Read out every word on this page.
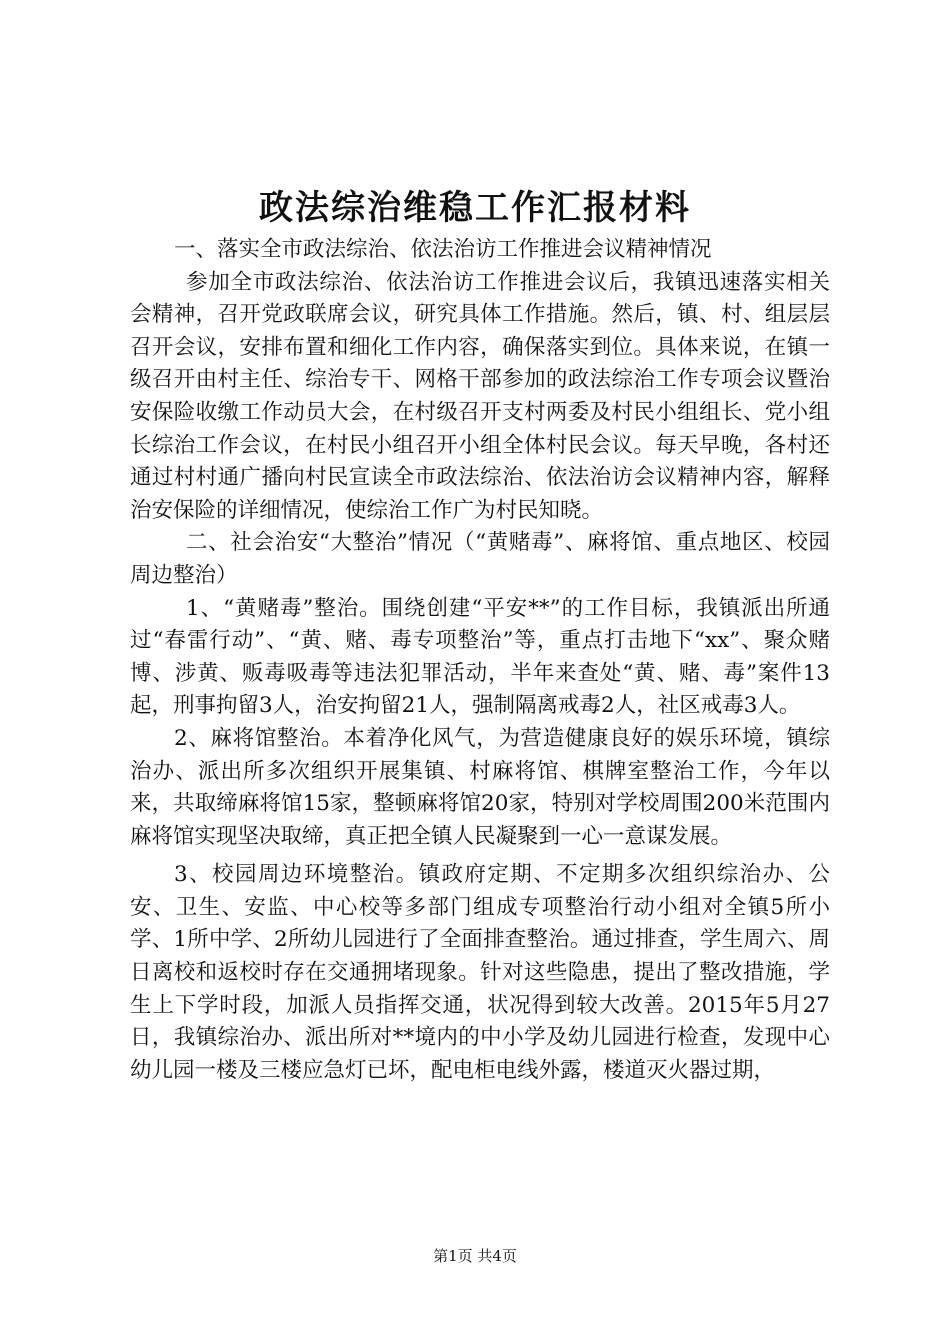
政法综治维稳工作汇报材料

一、落实全市政法综治、依法治访工作推进会议精神情况

参加全市政法综治、依法治访工作推进会议后，我镇迅速落实相关会精神，召开党政联席会议，研究具体工作措施。然后，镇、村、组层层召开会议，安排布置和细化工作内容，确保落实到位。具体来说，在镇一级召开由村主任、综治专干、网格干部参加的政法综治工作专项会议暨治安保险收缴工作动员大会，在村级召开支村两委及村民小组组长、党小组长综治工作会议，在村民小组召开小组全体村民会议。每天早晚，各村还通过村村通广播向村民宣读全市政法综治、依法治访会议精神内容，解释治安保险的详细情况，使综治工作广为村民知晓。

二、社会治安“大整治”情况（“黄赌毒”、麻将馆、重点地区、校园周边整治）

1、“黄赌毒”整治。围绕创建“平安**”的工作目标，我镇派出所通过“春雷行动”、“黄、赌、毒专项整治”等，重点打击地下“xx”、聚众赌博、涉黄、贩毒吸毒等违法犯罪活动，半年来查处“黄、赌、毒”案件13起，刑事拘留3人，治安拘留21人，强制隔离戒毒2人，社区戒毒3人。

2、麻将馆整治。本着净化风气，为营造健康良好的娱乐环境，镇综治办、派出所多次组织开展集镇、村麻将馆、棋牌室整治工作，今年以来，共取缔麻将馆15家，整顿麻将馆20家，特别对学校周围200米范围内麻将馆实现坚决取缔，真正把全镇人民凝聚到一心一意谋发展。

3、校园周边环境整治。镇政府定期、不定期多次组织综治办、公安、卫生、安监、中心校等多部门组成专项整治行动小组对全镇5所小学、1所中学、2所幼儿园进行了全面排查整治。通过排查，学生周六、周日离校和返校时存在交通拥堵现象。针对这些隐患，提出了整改措施，学生上下学时段，加派人员指挥交通，状况得到较大改善。2015年5月27日，我镇综治办、派出所对**境内的中小学及幼儿园进行检查，发现中心幼儿园一楼及三楼应急灯已坏，配电柜电线外露，楼道灭火器过期，

第1页 共4页
